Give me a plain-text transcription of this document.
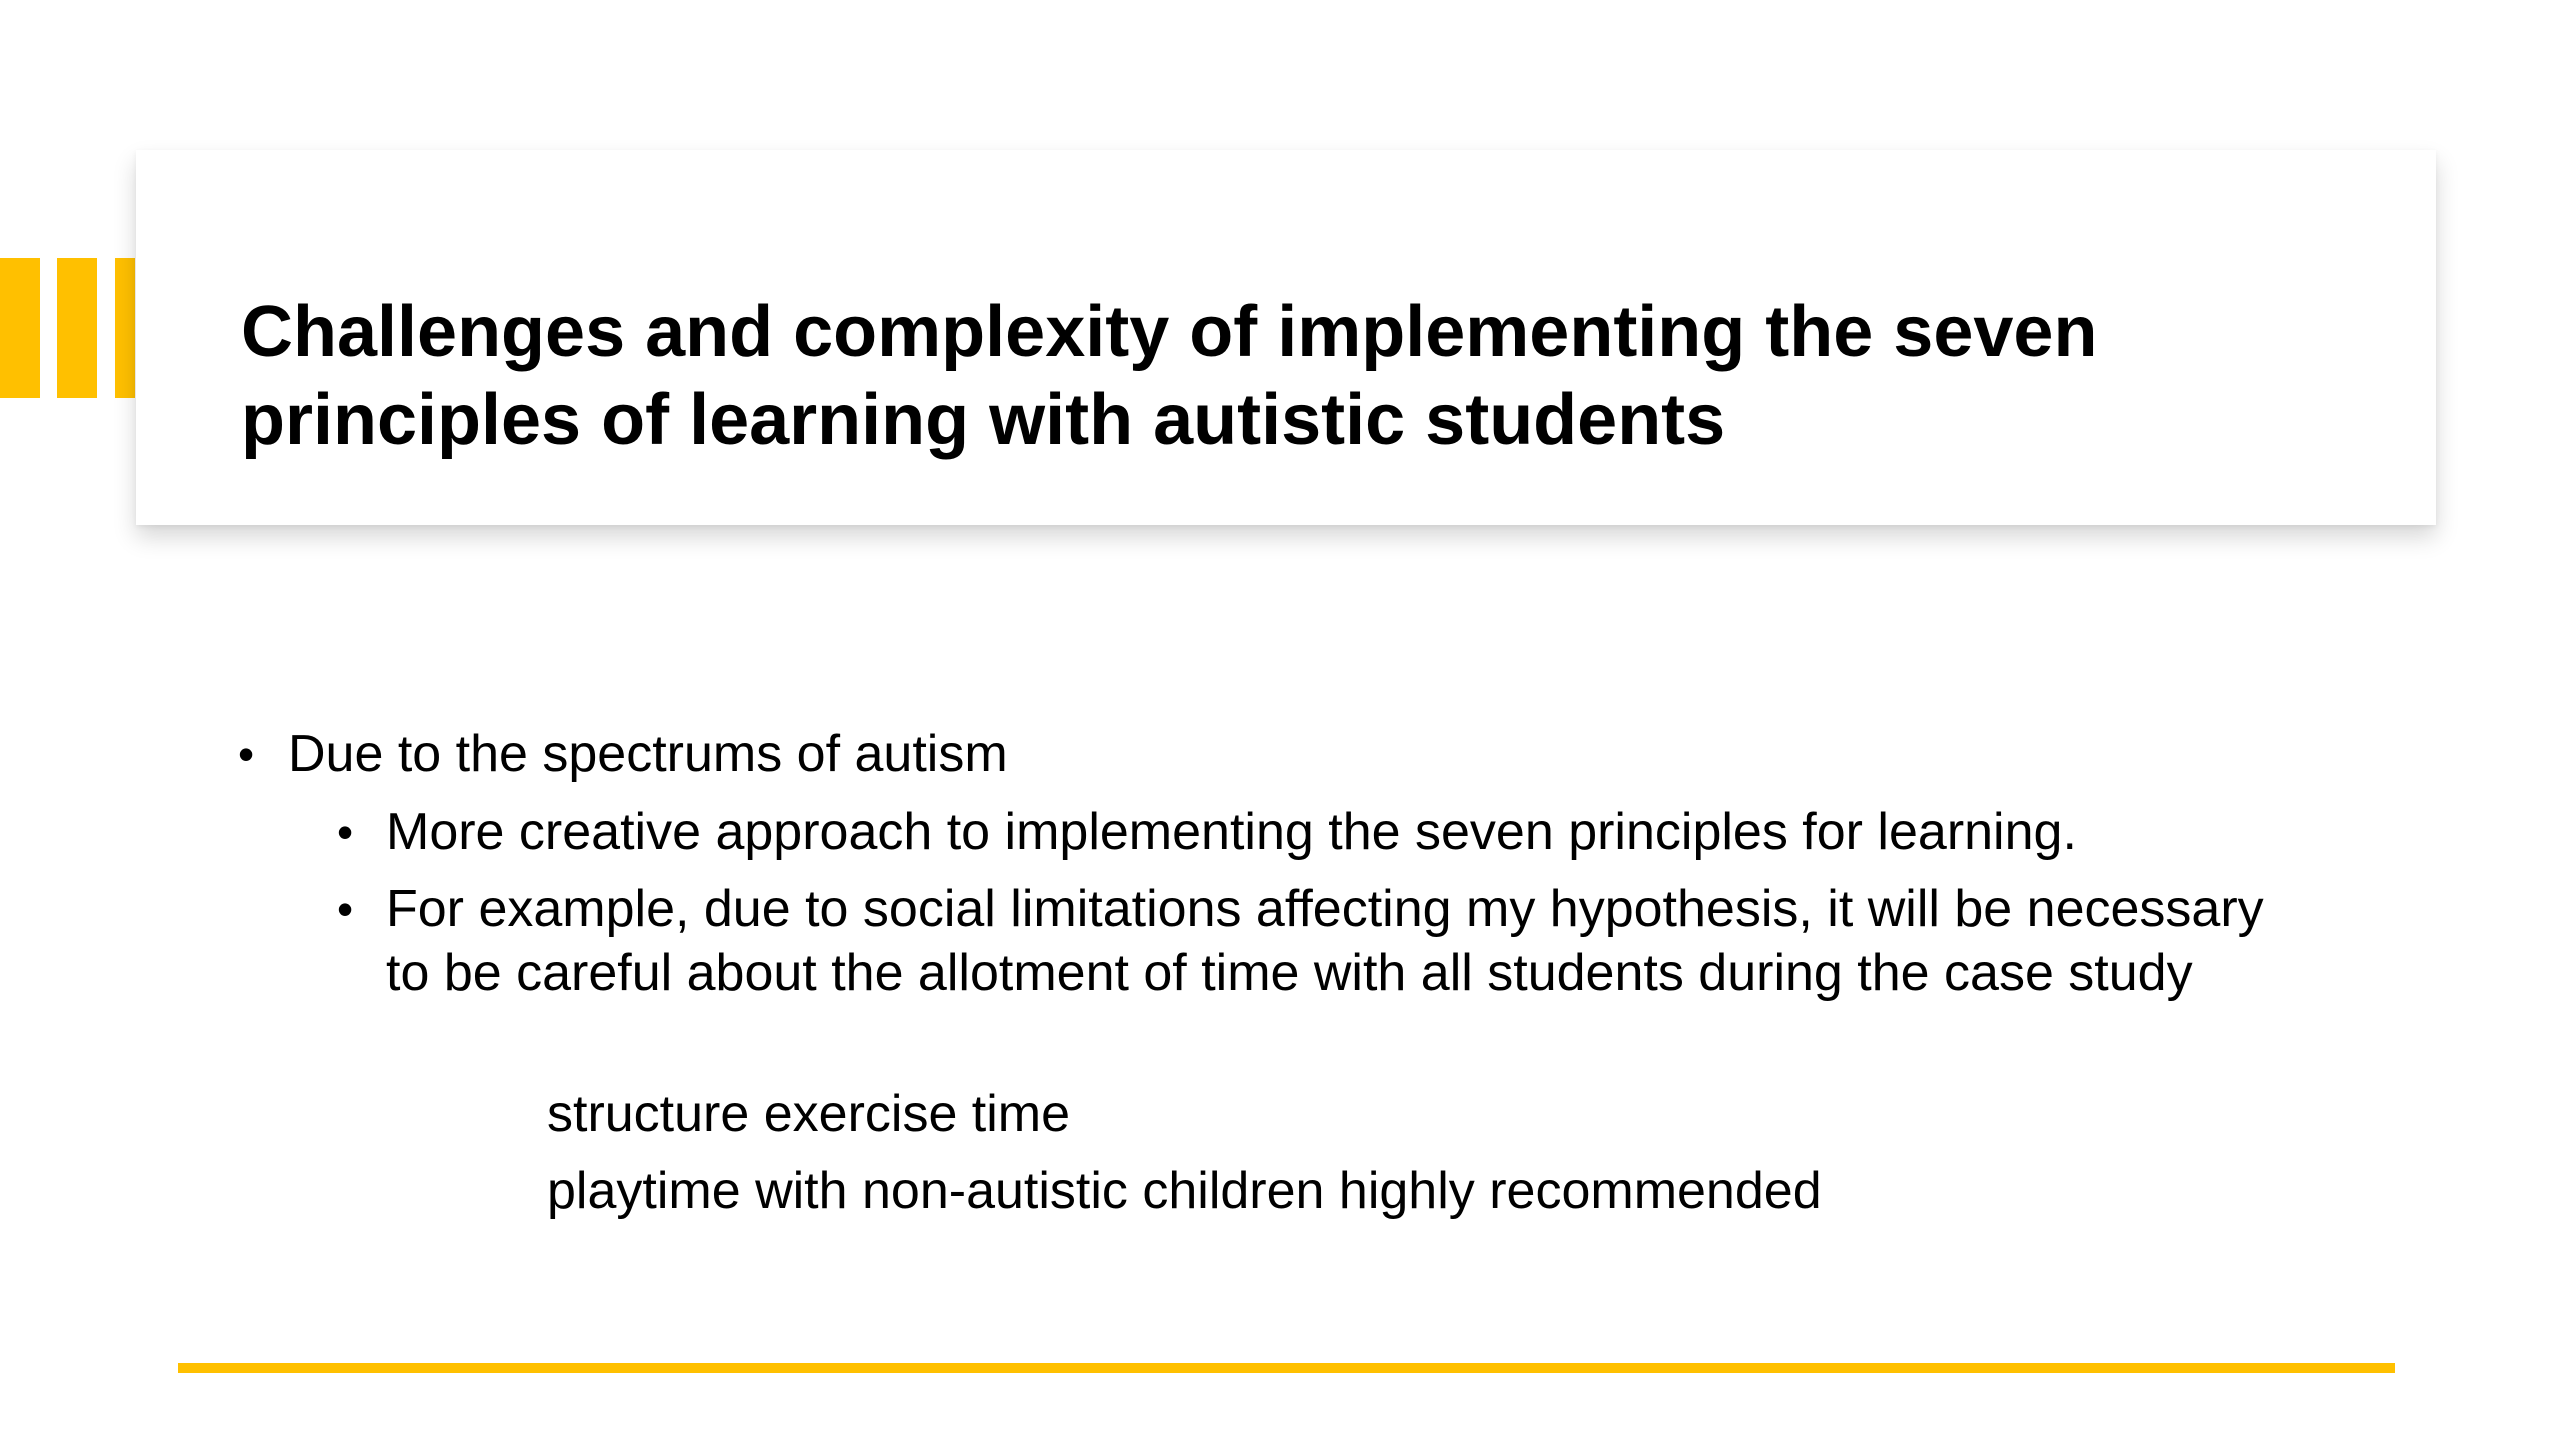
Challenges and complexity of implementing the seven principles of learning with autistic students
• Due to the spectrums of autism
• More creative approach to implementing the seven principles for learning.
• For example, due to social limitations affecting my hypothesis, it will be necessary to be careful about the allotment of time with all students during the case study
structure exercise time
playtime with non-autistic children highly recommended
